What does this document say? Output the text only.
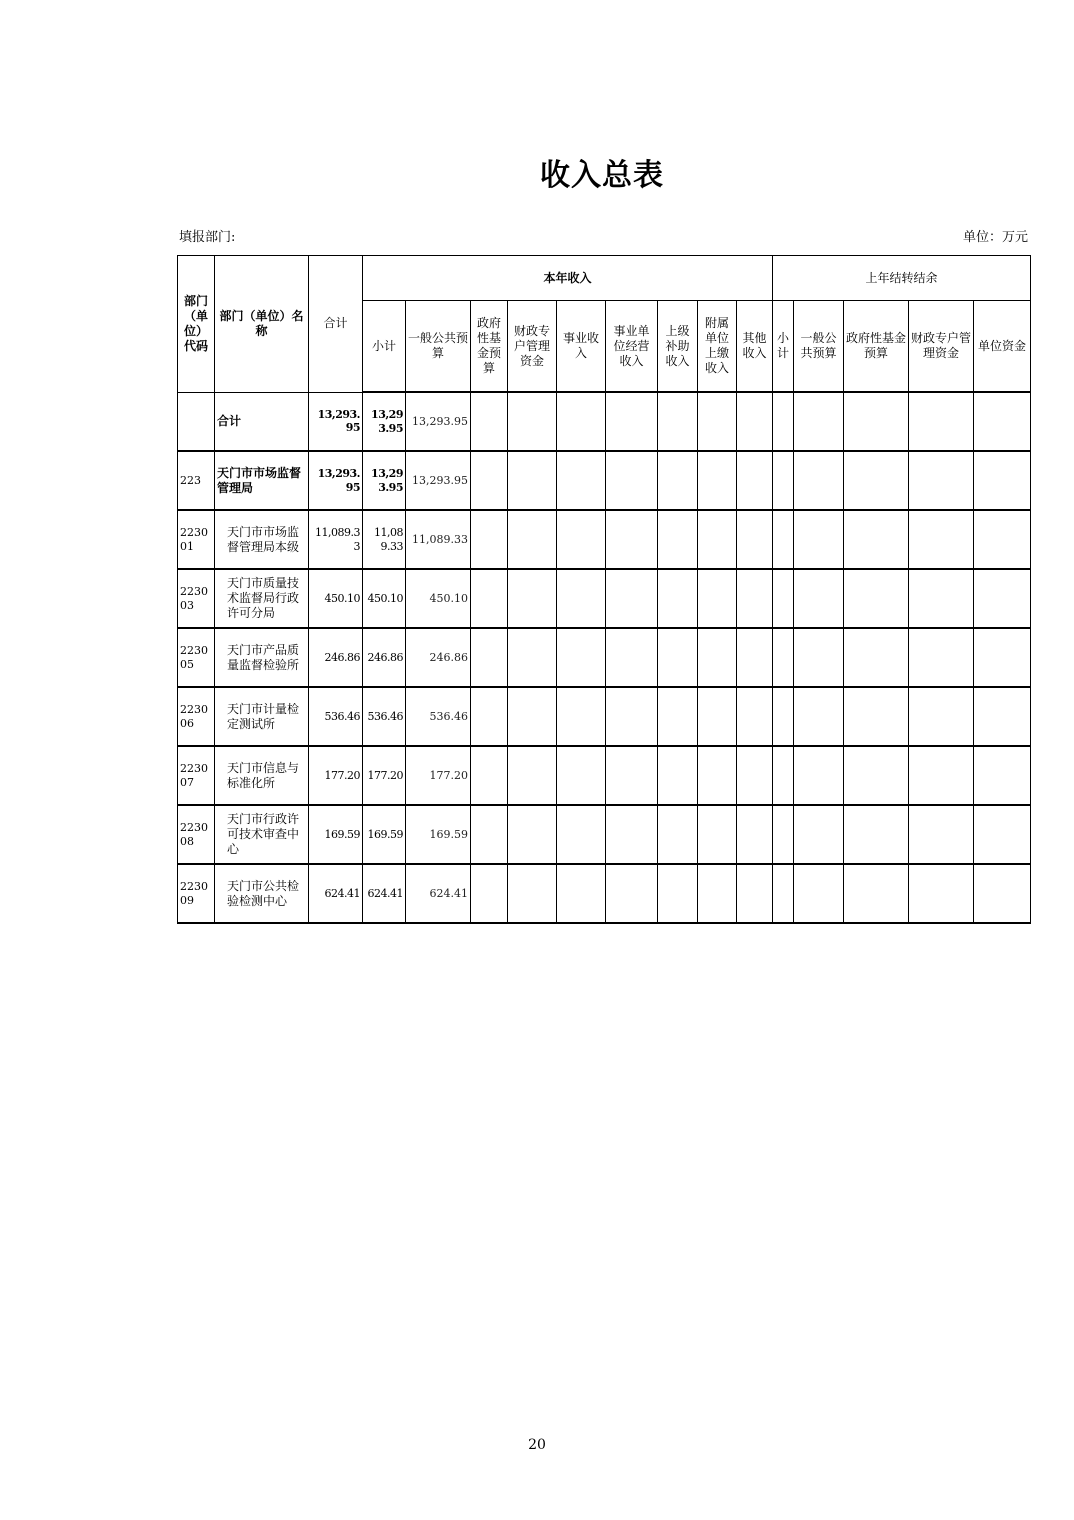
收入总表
填报部门:	单位：万元
部门（单位）代码	部门（单位）名称	合计	本年收入									上年结转结余				
			小计	一般公共预算	政府性基金预算	财政专户管理资金	事业收入	事业单位经营收入	上级补助收入	附属单位上缴收入	其他收入	小计	一般公共预算	政府性基金预算	财政专户管理资金	单位资金
	合计	13,293.95	13,293.95	13,293.95												
223	天门市市场监督管理局	13,293.95	13,293.95	13,293.95												
223001	天门市市场监督管理局本级	11,089.33	11,089.33	11,089.33												
223003	天门市质量技术监督局行政许可分局	450.10	450.10	450.10												
223005	天门市产品质量监督检验所	246.86	246.86	246.86												
223006	天门市计量检定测试所	536.46	536.46	536.46												
223007	天门市信息与标准化所	177.20	177.20	177.20												
223008	天门市行政许可技术审查中心	169.59	169.59	169.59												
223009	天门市公共检验检测中心	624.41	624.41	624.41												
20
